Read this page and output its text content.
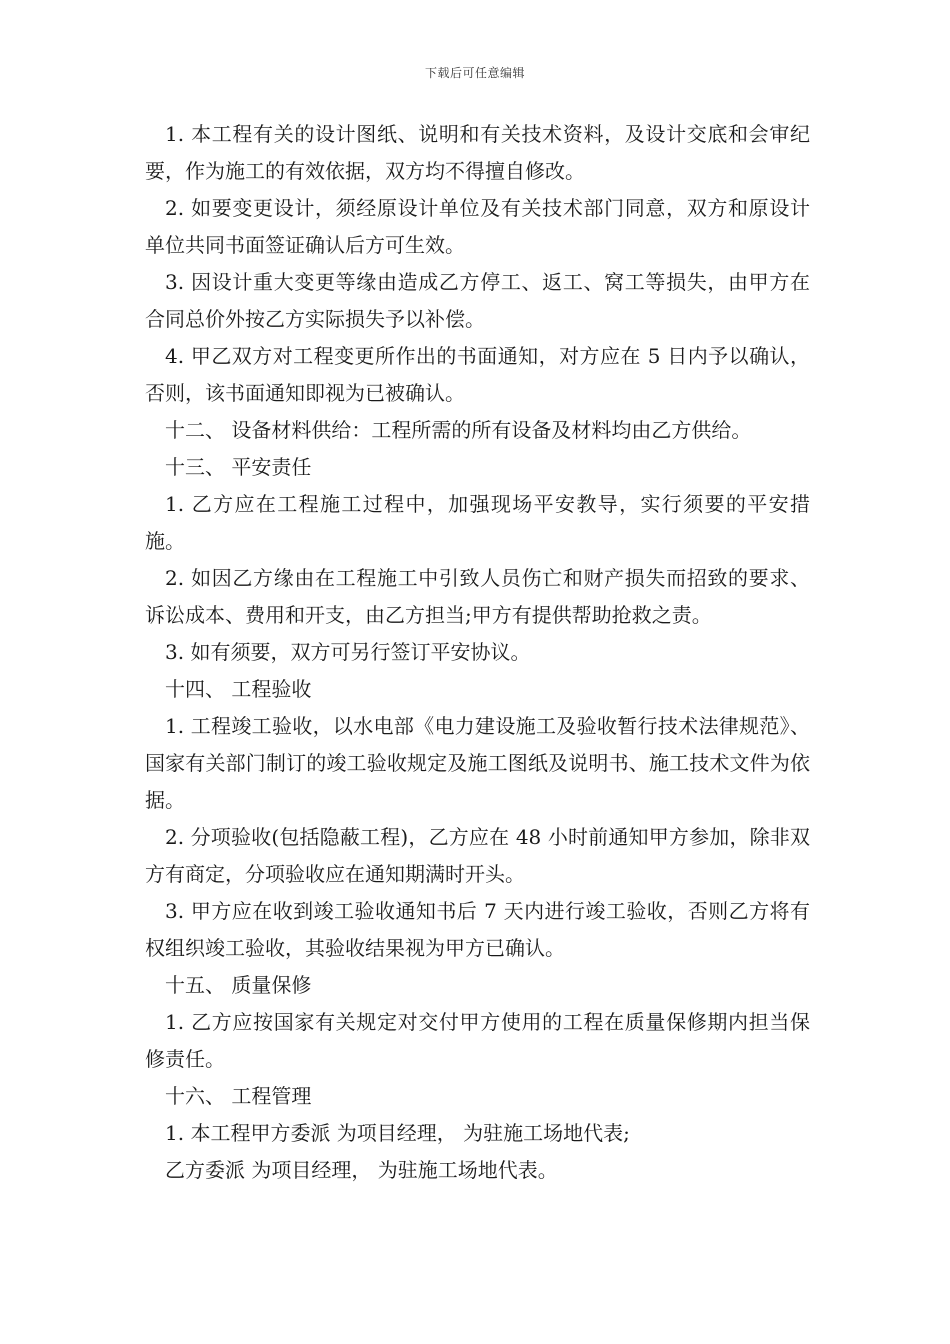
下载后可任意编辑

1. 本工程有关的设计图纸、说明和有关技术资料，及设计交底和会审纪要，作为施工的有效依据，双方均不得擅自修改。

2. 如要变更设计，须经原设计单位及有关技术部门同意，双方和原设计单位共同书面签证确认后方可生效。

3. 因设计重大变更等缘由造成乙方停工、返工、窝工等损失，由甲方在合同总价外按乙方实际损失予以补偿。

4. 甲乙双方对工程变更所作出的书面通知，对方应在 5 日内予以确认，否则，该书面通知即视为已被确认。

十二、 设备材料供给：工程所需的所有设备及材料均由乙方供给。

十三、 平安责任

1. 乙方应在工程施工过程中，加强现场平安教导，实行须要的平安措施。

2. 如因乙方缘由在工程施工中引致人员伤亡和财产损失而招致的要求、诉讼成本、费用和开支，由乙方担当;甲方有提供帮助抢救之责。

3. 如有须要，双方可另行签订平安协议。

十四、 工程验收

1. 工程竣工验收，以水电部《电力建设施工及验收暂行技术法律规范》、国家有关部门制订的竣工验收规定及施工图纸及说明书、施工技术文件为依据。

2. 分项验收(包括隐蔽工程)，乙方应在 48 小时前通知甲方参加，除非双方有商定，分项验收应在通知期满时开头。

3. 甲方应在收到竣工验收通知书后 7 天内进行竣工验收，否则乙方将有权组织竣工验收，其验收结果视为甲方已确认。

十五、 质量保修

1. 乙方应按国家有关规定对交付甲方使用的工程在质量保修期内担当保修责任。

十六、 工程管理

1. 本工程甲方委派 为项目经理， 为驻施工场地代表;

乙方委派 为项目经理， 为驻施工场地代表。
